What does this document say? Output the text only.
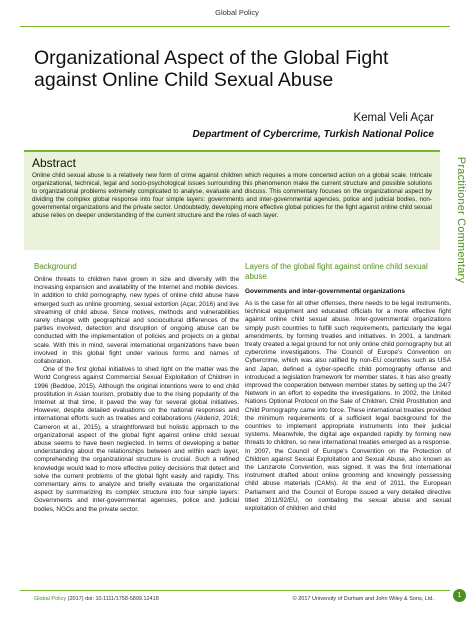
Global Policy
Organizational Aspect of the Global Fight against Online Child Sexual Abuse
Kemal Veli Açar
Department of Cybercrime, Turkish National Police
Practitioner Commentary
Abstract

Online child sexual abuse is a relatively new form of crime against children which requires a more concerted action on a global scale. Intricate organizational, technical, legal and socio-psychological issues surrounding this phenomenon make the current structure and possible solutions to organizational problems extremely complicated to analyse, evaluate and discuss. This commentary focuses on the organizational aspect by dividing the complex global response into four simple layers: governments and inter-governmental agencies, police and judicial bodies, non-governmental organizations and the private sector. Undoubtedly, developing more effective global policies for the fight against online child sexual abuse relies on deeper understanding of the current structure and the roles of each layer.

Background

Online threats to children have grown in size and diversity with the increasing expansion and availability of the Internet and mobile devices. In addition to child pornography, new types of online child abuse have emerged such as online grooming, sexual extortion (Açar, 2016) and live streaming of child abuse. Since motives, methods and vulnerabilities rarely change with geographical and sociocultural differences of the parties involved, detection and disruption of ongoing abuse can be conducted with the implementation of policies and projects on a global scale. With this in mind, several international organizations have been involved in this global fight under various forms and names of collaboration.

One of the first global initiatives to shed light on the matter was the World Congress against Commercial Sexual Exploitation of Children in 1996 (Beddoe, 2015). Although the original intentions were to end child prostitution in Asian tourism, probably due to the rising popularity of the Internet at that time, it paved the way for several global initiatives. However, despite detailed evaluations on the national responses and international efforts such as treaties and collaborations (Akdeniz, 2016; Cameron et al., 2015), a straightforward but holistic approach to the organizational aspect of the global fight against online child sexual abuse seems to have been neglected. In terms of developing a better understanding about the relationships between and within each layer, comprehending the organizational structure is crucial. Such a refined knowledge would lead to more effective policy decisions that detect and solve the current problems of the global fight easily and rapidly. This commentary aims to analyze and briefly evaluate the organizational aspect by summarizing its complex structure into four simple layers: Governments and inter-governmental agencies, police and judicial bodies, NGOs and the private sector.

Layers of the global fight against online child sexual abuse
Governments and inter-governmental organizations

As is the case for all other offenses, there needs to be legal instruments, technical equipment and educated officials for a more effective fight against online child sexual abuse. Inter-governmental organizations simply push countries to fulfill such requirements, particularly the legal amendments, by forming treaties and initiatives. In 2001, a landmark treaty created a legal ground for not only online child pornography but all cybercrime investigations. The Council of Europe's Convention on Cybercrime, which was also ratified by non-EU countries such as USA and Japan, defined a cyber-specific child pornography offense and introduced a legislation framework for member states. It has also greatly improved the cooperation between member states by setting up the 24/7 Network in an effort to expedite the investigations. In 2002, the United Nations Optional Protocol on the Sale of Children, Child Prostitution and Child Pornography came into force. These international treaties provided the minimum requirements of a sufficient legal background for the countries to implement appropriate instruments into their judicial systems. Meanwhile, the digital age expanded rapidly by forming new threats to children, so new international treaties emerged as a response. In 2007, the Council of Europe's Convention on the Protection of Children against Sexual Exploitation and Sexual Abuse, also known as the Lanzarote Convention, was signed. It was the first international instrument drafted about online grooming and knowingly possessing child abuse materials (CAMs). At the end of 2011, the European Parliament and the Council of Europe issued a very detailed directive titled 2011/92/EU, on combating the sexual abuse and sexual exploitation of children and child

Global Policy (2017) doi: 10.1111/1758-5899.12418	© 2017 University of Durham and John Wiley & Sons, Ltd.	1
